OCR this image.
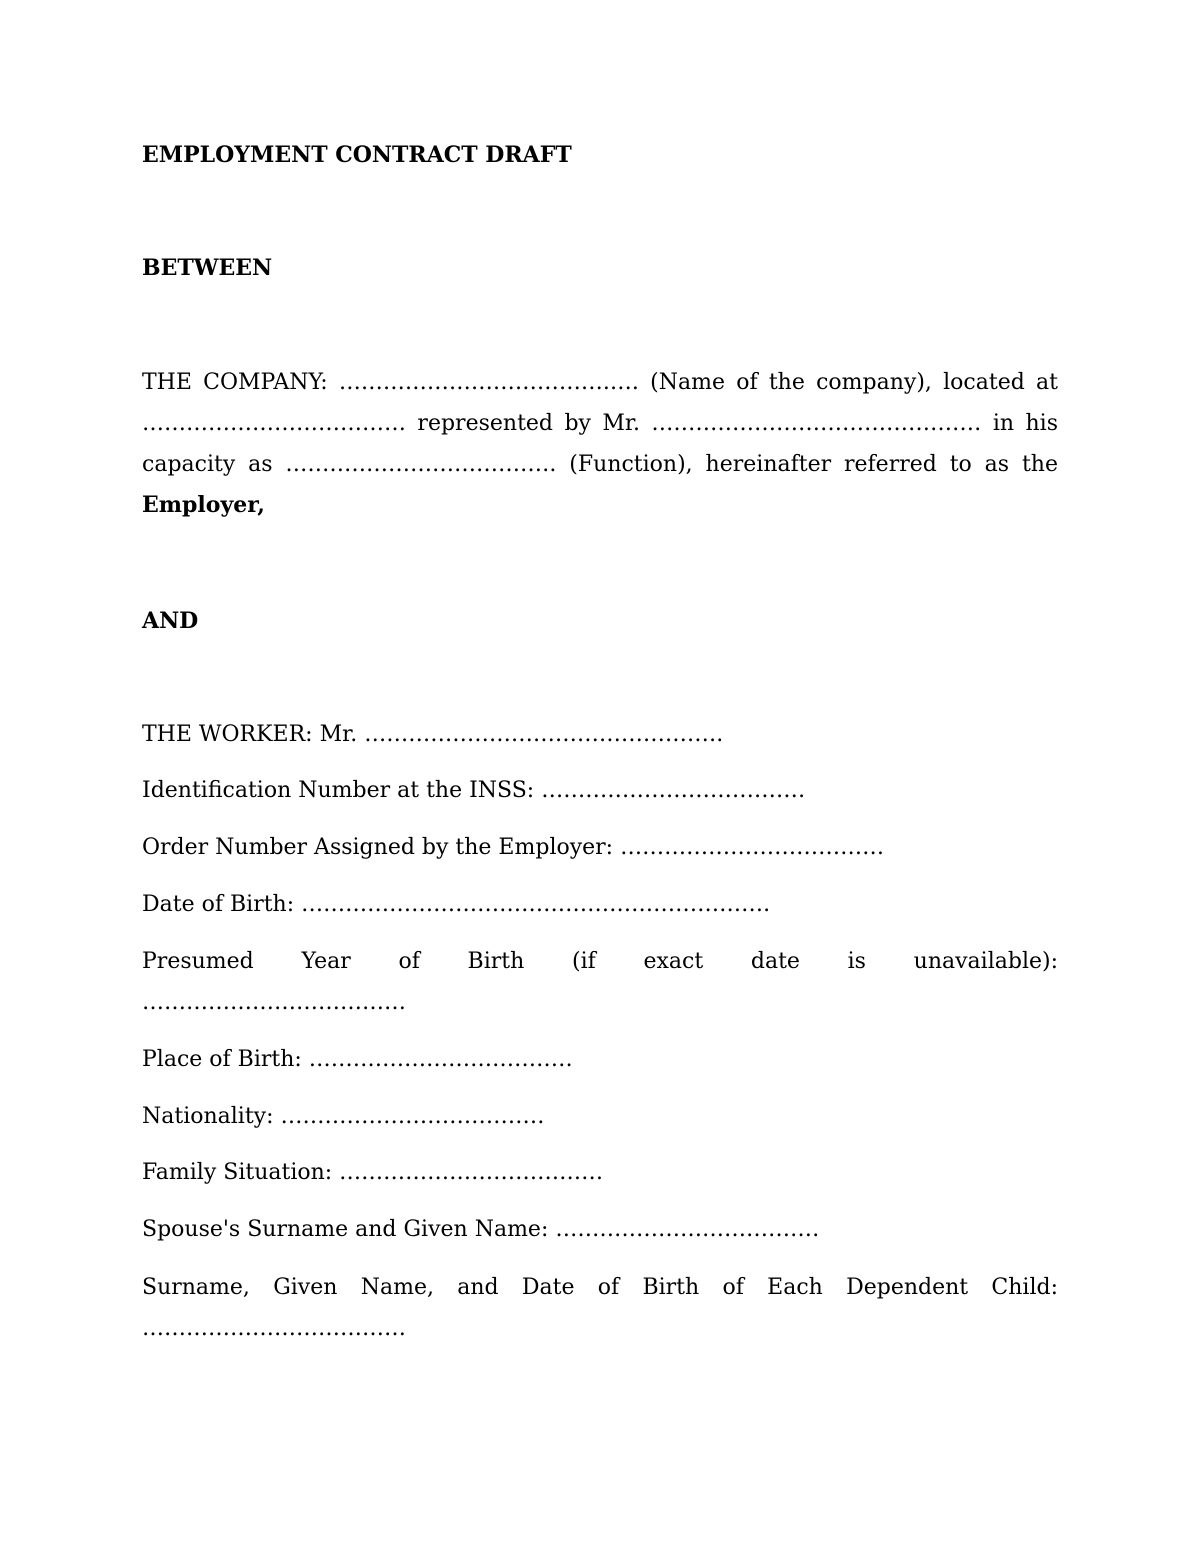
EMPLOYMENT CONTRACT DRAFT
BETWEEN
THE COMPANY: ……………………………….…. (Name of the company), located at ……………………………… represented by Mr. ……………………………………… in his capacity as ………………………………. (Function), hereinafter referred to as the Employer,
AND
THE WORKER: Mr. ………………………………………….
Identification Number at the INSS: ………………………………
Order Number Assigned by the Employer: ………………………………
Date of Birth: ……………………………………………………….
Presumed Year of Birth (if exact date is unavailable):
………………………………
Place of Birth: ………………………………
Nationality: ………………………………
Family Situation: ………………………………
Spouse's Surname and Given Name: ………………………………
Surname, Given Name, and Date of Birth of Each Dependent Child:
………………………………
